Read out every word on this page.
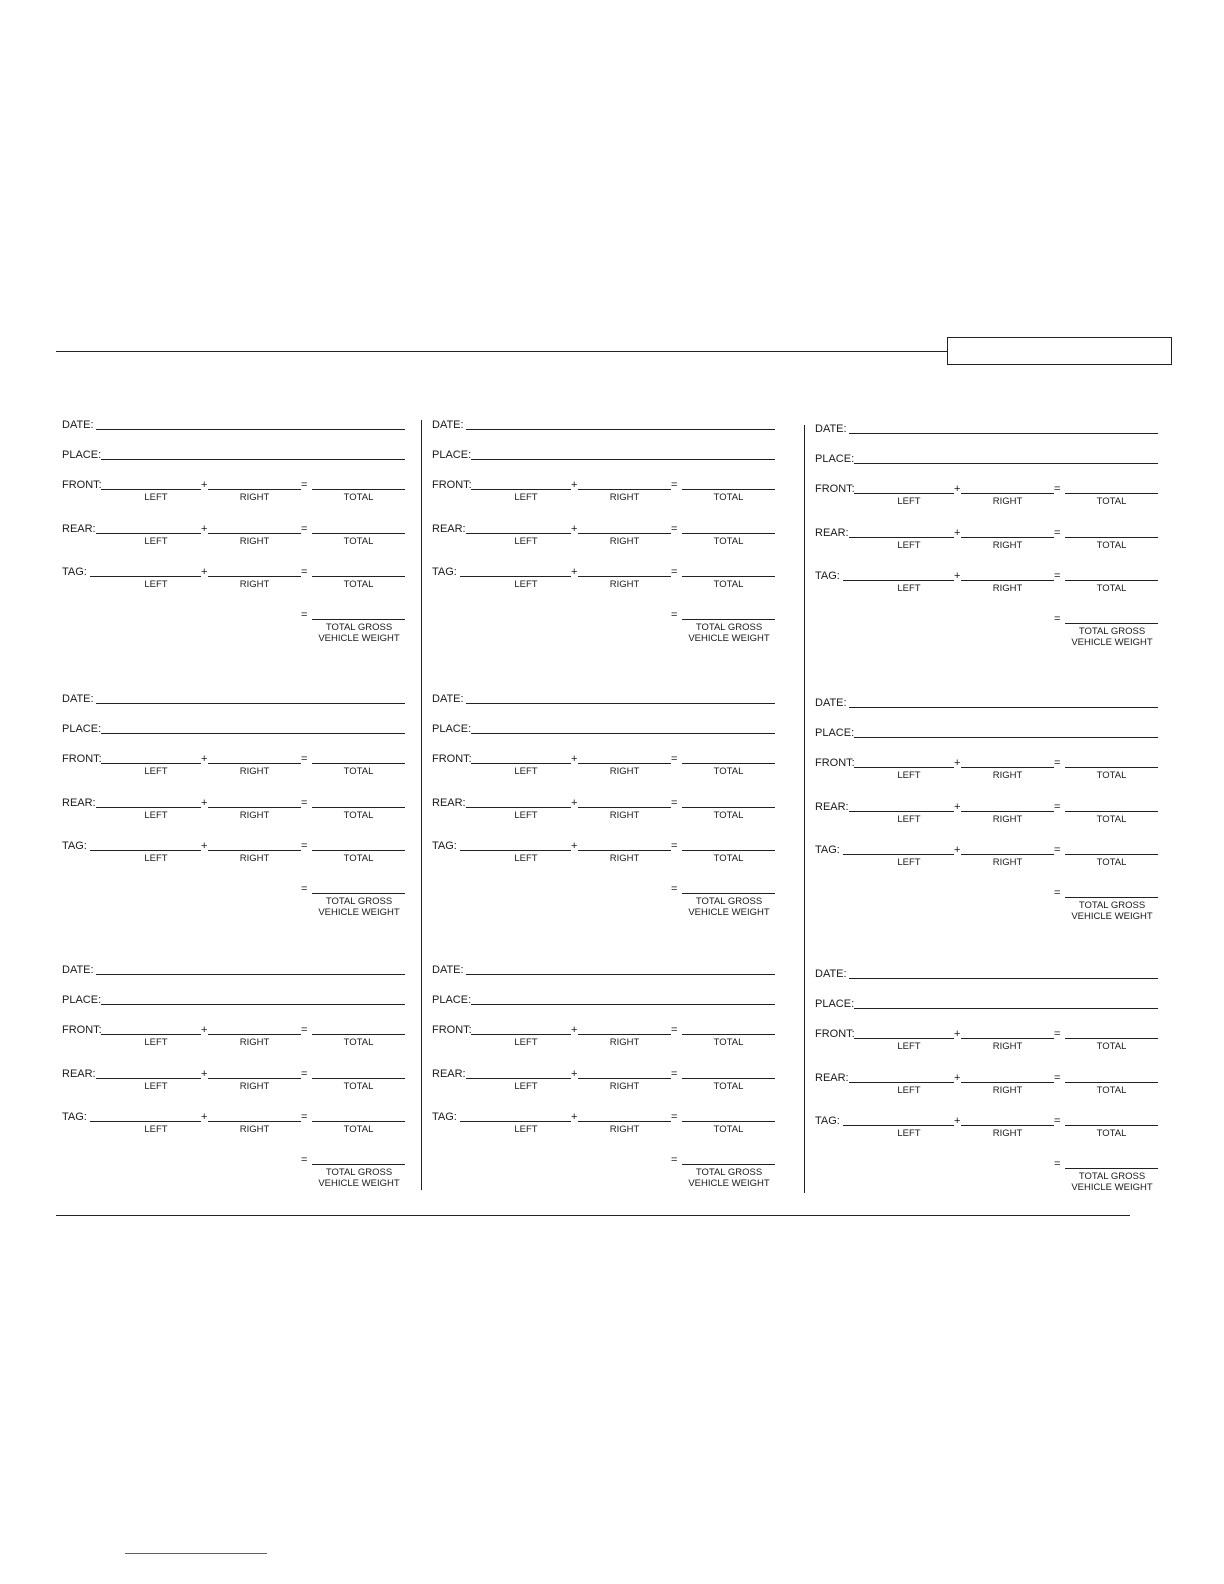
DATE:
PLACE:
FRONT:	+	=
LEFT	RIGHT	TOTAL
REAR:	+	=
LEFT	RIGHT	TOTAL
TAG:	+	=
LEFT	RIGHT	TOTAL
=
TOTAL GROSS
VEHICLE WEIGHT
DATE:
PLACE:
FRONT:	+	=
LEFT	RIGHT	TOTAL
REAR:	+	=
LEFT	RIGHT	TOTAL
TAG:	+	=
LEFT	RIGHT	TOTAL
=
TOTAL GROSS
VEHICLE WEIGHT
DATE:
PLACE:
FRONT:	+	=
LEFT	RIGHT	TOTAL
REAR:	+	=
LEFT	RIGHT	TOTAL
TAG:	+	=
LEFT	RIGHT	TOTAL
=
TOTAL GROSS
VEHICLE WEIGHT
DATE:
PLACE:
FRONT:	+	=
LEFT	RIGHT	TOTAL
REAR:	+	=
LEFT	RIGHT	TOTAL
TAG:	+	=
LEFT	RIGHT	TOTAL
=
TOTAL GROSS
VEHICLE WEIGHT
DATE:
PLACE:
FRONT:	+	=
LEFT	RIGHT	TOTAL
REAR:	+	=
LEFT	RIGHT	TOTAL
TAG:	+	=
LEFT	RIGHT	TOTAL
=
TOTAL GROSS
VEHICLE WEIGHT
DATE:
PLACE:
FRONT:	+	=
LEFT	RIGHT	TOTAL
REAR:	+	=
LEFT	RIGHT	TOTAL
TAG:	+	=
LEFT	RIGHT	TOTAL
=
TOTAL GROSS
VEHICLE WEIGHT
DATE:
PLACE:
FRONT:	+	=
LEFT	RIGHT	TOTAL
REAR:	+	=
LEFT	RIGHT	TOTAL
TAG:	+	=
LEFT	RIGHT	TOTAL
=
TOTAL GROSS
VEHICLE WEIGHT
DATE:
PLACE:
FRONT:	+	=
LEFT	RIGHT	TOTAL
REAR:	+	=
LEFT	RIGHT	TOTAL
TAG:	+	=
LEFT	RIGHT	TOTAL
=
TOTAL GROSS
VEHICLE WEIGHT
DATE:
PLACE:
FRONT:	+	=
LEFT	RIGHT	TOTAL
REAR:	+	=
LEFT	RIGHT	TOTAL
TAG:	+	=
LEFT	RIGHT	TOTAL
=
TOTAL GROSS
VEHICLE WEIGHT
